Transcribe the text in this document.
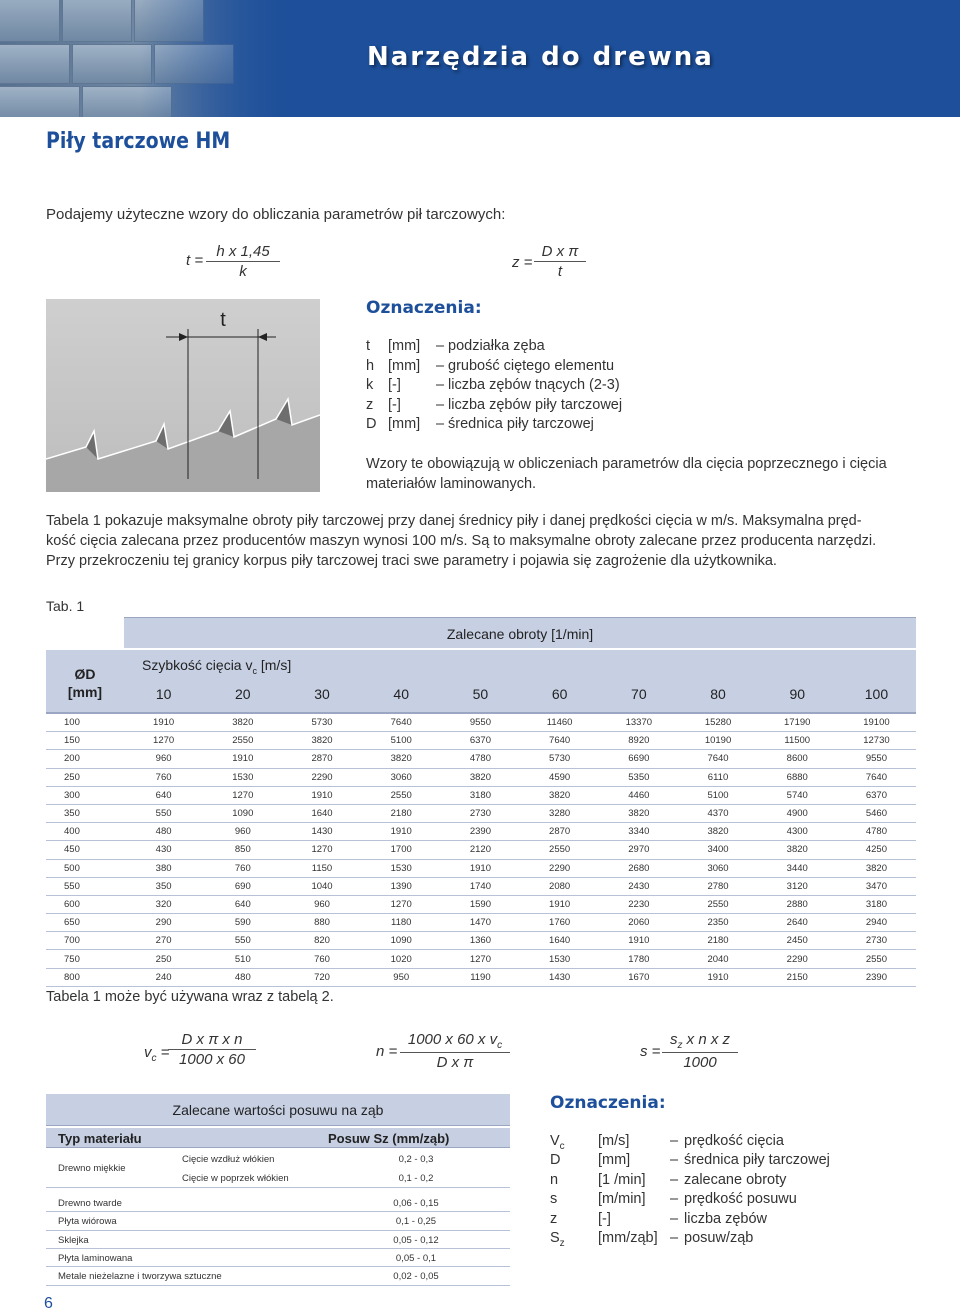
Narzędzia do drewna
Piły tarczowe HM
Podajemy użyteczne wzory do obliczania parametrów pił tarczowych:
$t = \frac{\text{h x 1,45}}{k}$	$z = \frac{\text{D x π}}{t}$
t
Oznaczenia:
t [mm] – podziałka zęba
h [mm] – grubość ciętego elementu
k [-] – liczba zębów tnących (2-3)
z [-] – liczba zębów piły tarczowej
D [mm] – średnica piły tarczowej
Wzory te obowiązują w obliczeniach parametrów dla cięcia poprzecznego i cięcia materiałów laminowanych.
Tabela 1 pokazuje maksymalne obroty piły tarczowej przy danej średnicy piły i danej prędkości cięcia w m/s. Maksymalna pręd-
kość cięcia zalecana przez producentów maszyn wynosi 100 m/s. Są to maksymalne obroty zalecane przez producenta narzędzi.
Przy przekroczeniu tej granicy korpus piły tarczowej traci swe parametry i pojawia się zagrożenie dla użytkownika.
Tab. 1
Zalecane obroty [1/min]
ØD
[mm]
Szybkość cięcia $v_c$ [m/s]
10	20	30	40	50	60	70	80	90	100
100	1910	3820	5730	7640	9550	11460	13370	15280	17190	19100
150	1270	2550	3820	5100	6370	7640	8920	10190	11500	12730
200	960	1910	2870	3820	4780	5730	6690	7640	8600	9550
250	760	1530	2290	3060	3820	4590	5350	6110	6880	7640
300	640	1270	1910	2550	3180	3820	4460	5100	5740	6370
350	550	1090	1640	2180	2730	3280	3820	4370	4900	5460
400	480	960	1430	1910	2390	2870	3340	3820	4300	4780
450	430	850	1270	1700	2120	2550	2970	3400	3820	4250
500	380	760	1150	1530	1910	2290	2680	3060	3440	3820
550	350	690	1040	1390	1740	2080	2430	2780	3120	3470
600	320	640	960	1270	1590	1910	2230	2550	2880	3180
650	290	590	880	1180	1470	1760	2060	2350	2640	2940
700	270	550	820	1090	1360	1640	1910	2180	2450	2730
750	250	510	760	1020	1270	1530	1780	2040	2290	2550
800	240	480	720	950	1190	1430	1670	1910	2150	2390
Tabela 1 może być używana wraz z tabelą 2.
$v_c$ =
$\frac{\text{D x π x n}}{1000 x 60}$	$n = \frac{1000 x 60 x v_c}{\text{D x π}}$	$s = \frac{s_z x n x z}{1000}$
Zalecane wartości posuwu na ząb
Typ materiału	Posuw Sz (mm/ząb)
Drewno miękkie
Cięcie wzdłuż włókien	0,2 - 0,3
Cięcie w poprzek włókien	0,1 - 0,2
Drewno twarde	0,06 - 0,15
Płyta wiórowa	0,1 - 0,25
Sklejka	0,05 - 0,12
Płyta laminowana	0,05 - 0,1
Metale nieżelazne i tworzywa sztuczne	0,02 - 0,05
Oznaczenia:
$V_c$ [m/s]	– prędkość cięcia
D	[mm]	– średnica piły tarczowej
n	[1 /min] – zalecane obroty
s	[m/min] – prędkość posuwu
z	[-]	– liczba zębów
$S_z$ [mm/ząb] – posuw/ząb
6
